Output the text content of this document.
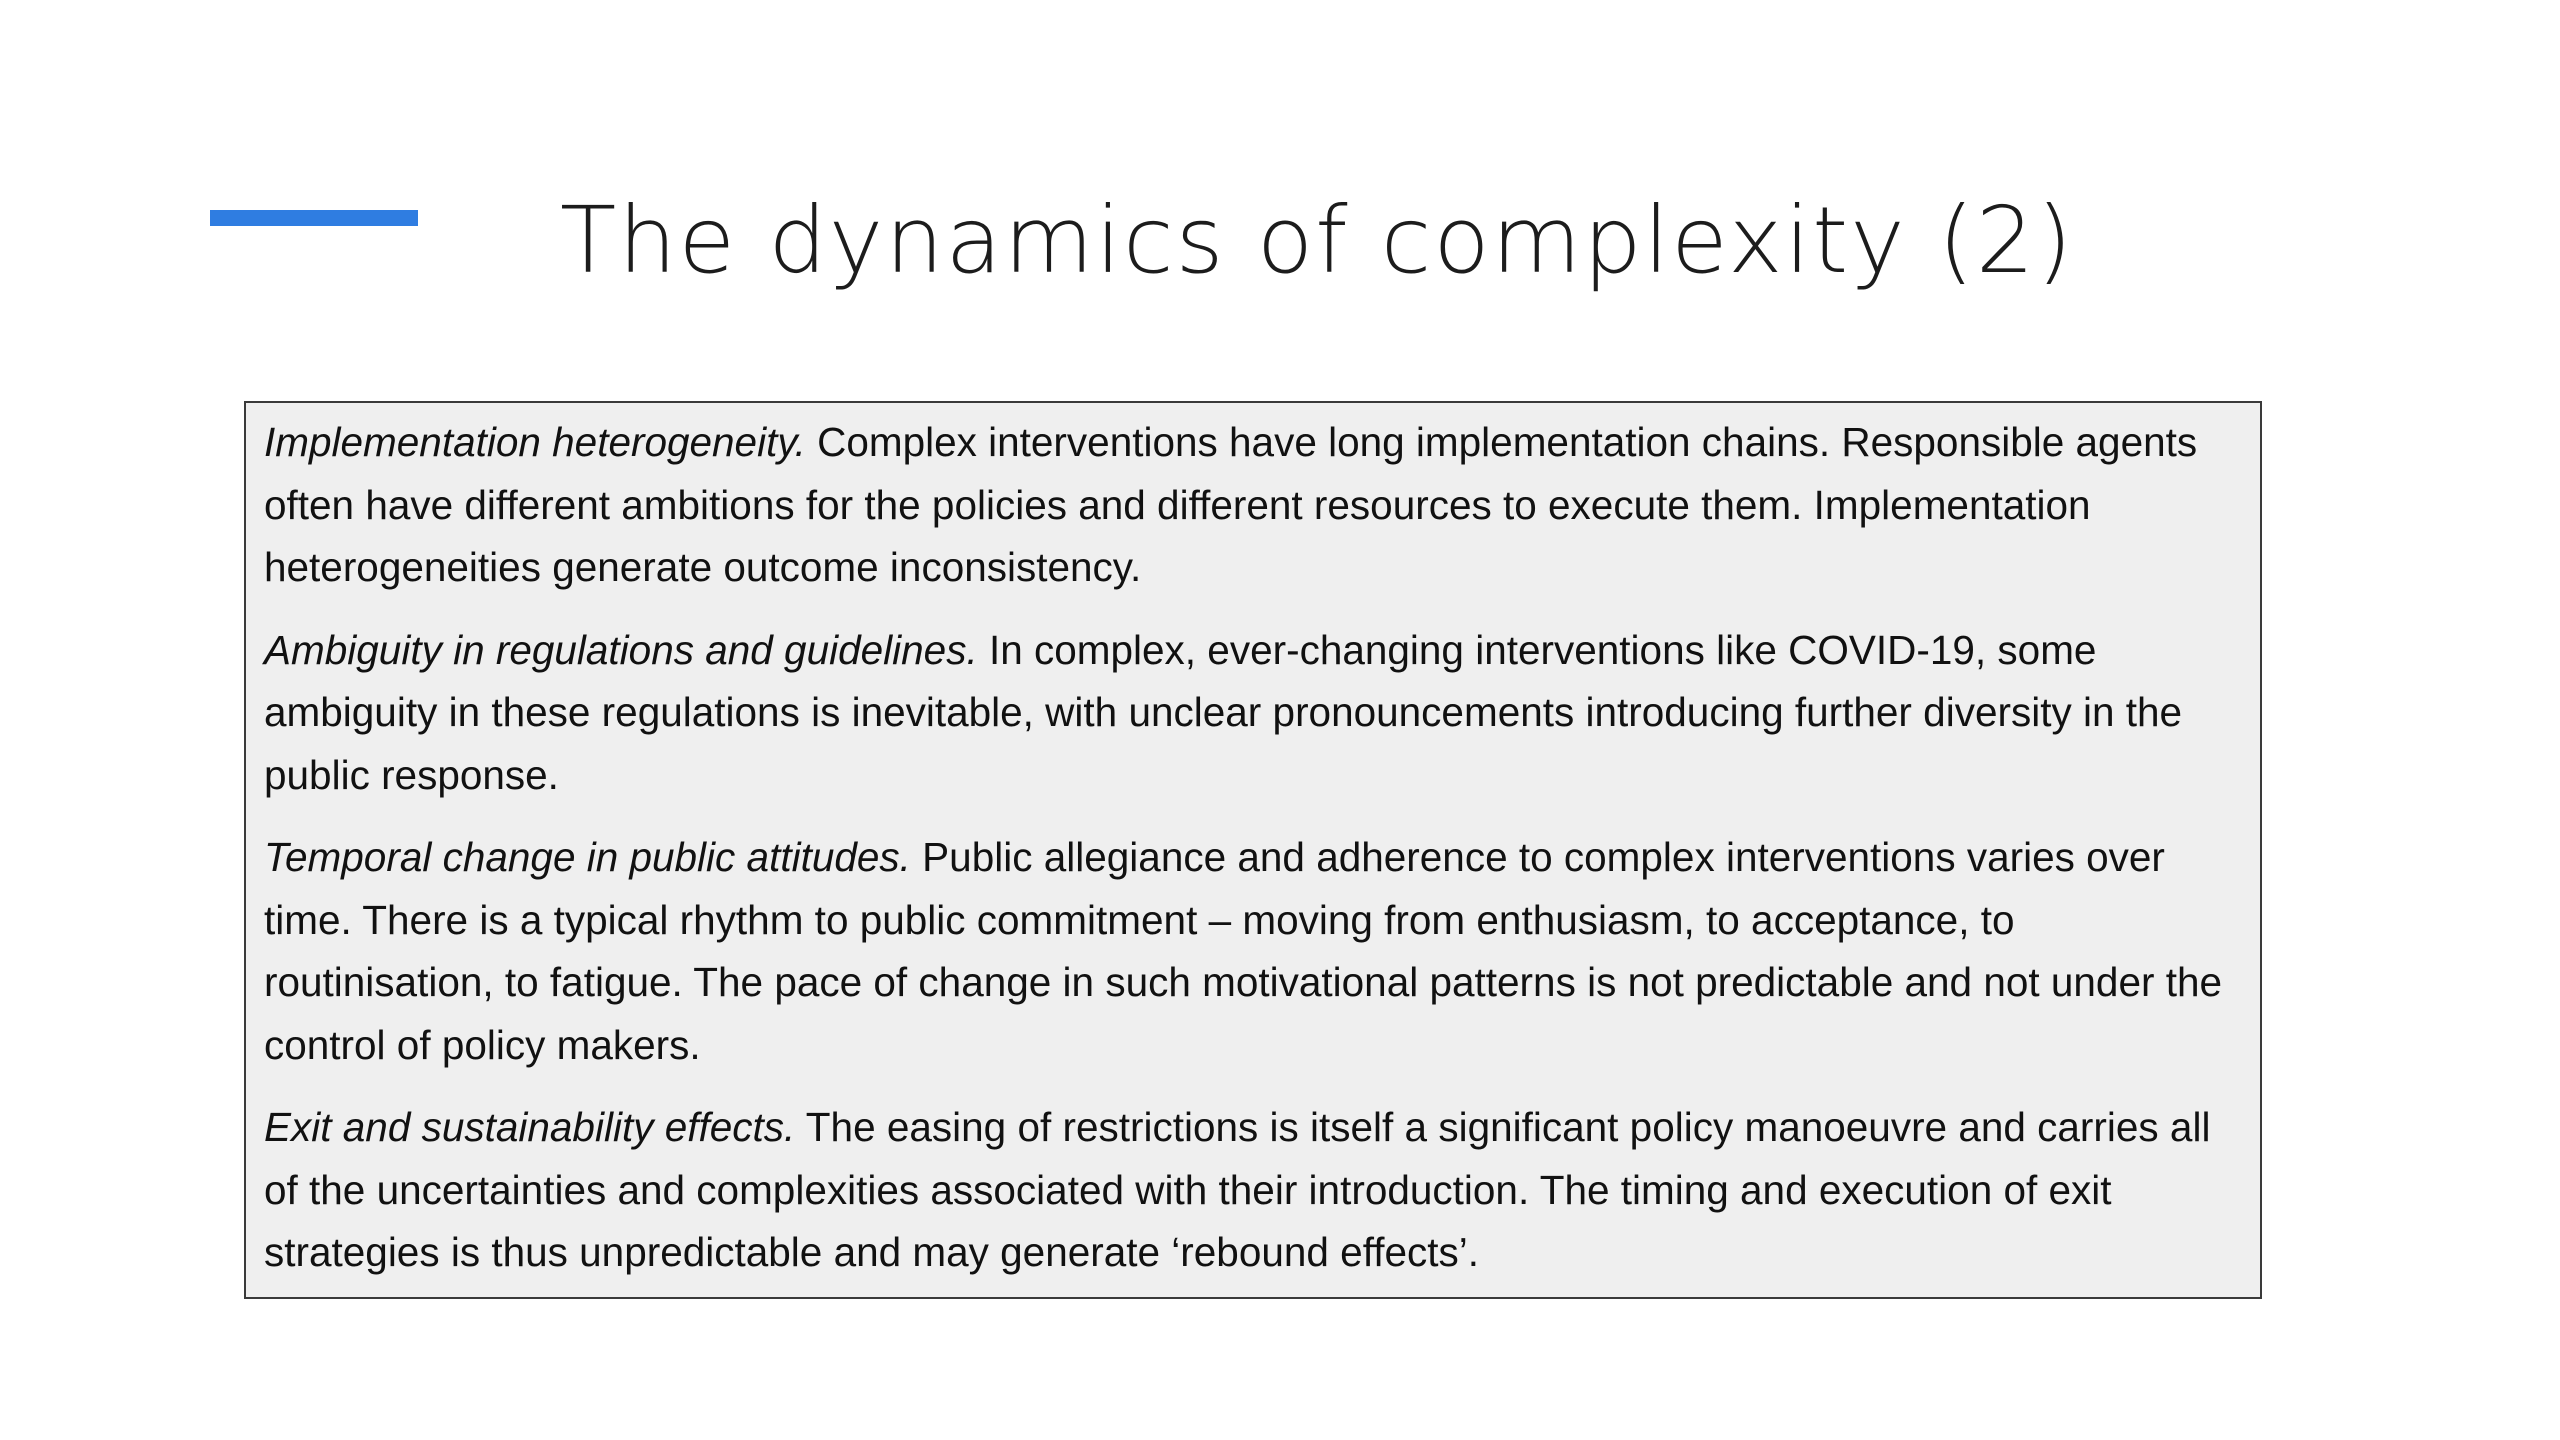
The dynamics of complexity (2)

Implementation heterogeneity. Complex interventions have long implementation chains. Responsible agents often have different ambitions for the policies and different resources to execute them. Implementation heterogeneities generate outcome inconsistency.

Ambiguity in regulations and guidelines. In complex, ever-changing interventions like COVID-19, some ambiguity in these regulations is inevitable, with unclear pronouncements introducing further diversity in the public response.

Temporal change in public attitudes. Public allegiance and adherence to complex interventions varies over time. There is a typical rhythm to public commitment – moving from enthusiasm, to acceptance, to routinisation, to fatigue. The pace of change in such motivational patterns is not predictable and not under the control of policy makers.

Exit and sustainability effects. The easing of restrictions is itself a significant policy manoeuvre and carries all of the uncertainties and complexities associated with their introduction. The timing and execution of exit strategies is thus unpredictable and may generate ‘rebound effects’.
